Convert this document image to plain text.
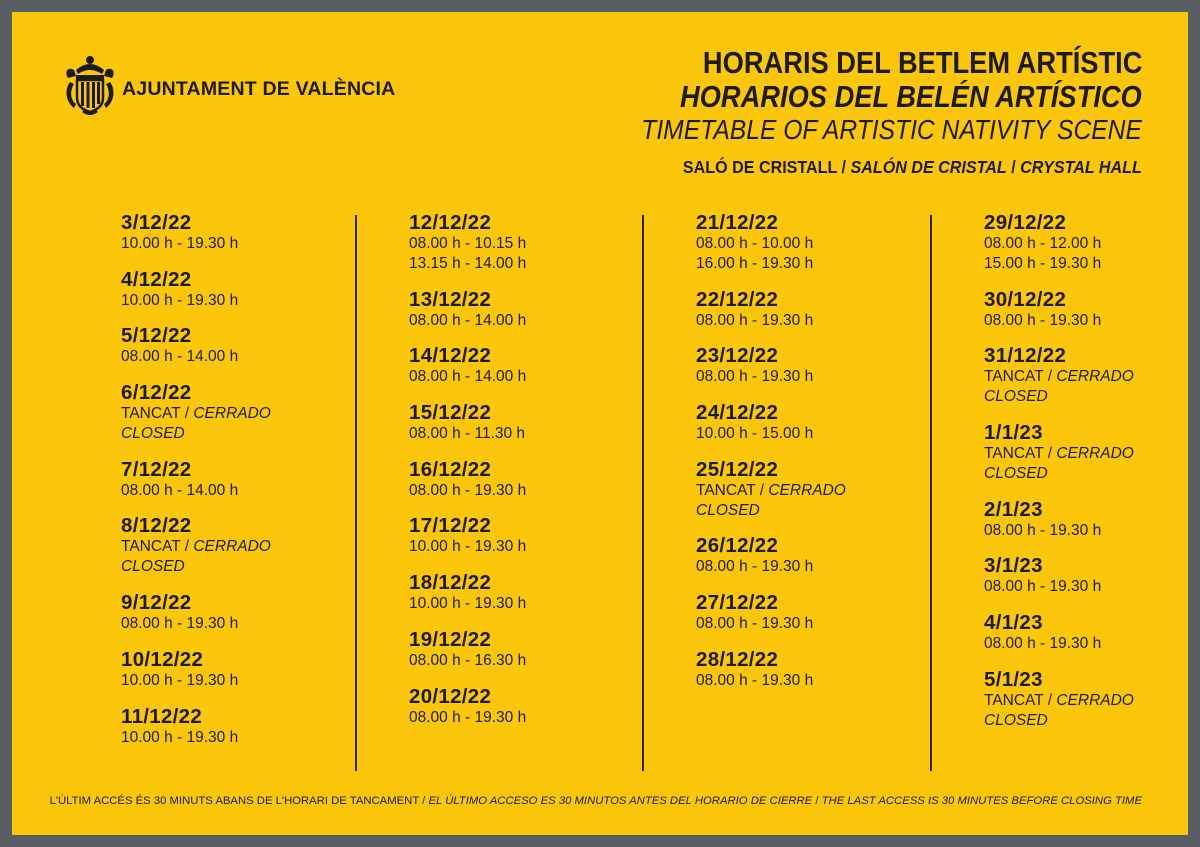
AJUNTAMENT DE VALÈNCIA
HORARIS DEL BETLEM ARTÍSTIC
HORARIOS DEL BELÉN ARTÍSTICO
TIMETABLE OF ARTISTIC NATIVITY SCENE
SALÓ DE CRISTALL / SALÓN DE CRISTAL / CRYSTAL HALL
3/12/22
10.00 h - 19.30 h
4/12/22
10.00 h - 19.30 h
5/12/22
08.00 h - 14.00 h
6/12/22
TANCAT / CERRADO
CLOSED
7/12/22
08.00 h - 14.00 h
8/12/22
TANCAT / CERRADO
CLOSED
9/12/22
08.00 h - 19.30 h
10/12/22
10.00 h - 19.30 h
11/12/22
10.00 h - 19.30 h
12/12/22
08.00 h - 10.15 h
13.15 h - 14.00 h
13/12/22
08.00 h - 14.00 h
14/12/22
08.00 h - 14.00 h
15/12/22
08.00 h - 11.30 h
16/12/22
08.00 h - 19.30 h
17/12/22
10.00 h - 19.30 h
18/12/22
10.00 h - 19.30 h
19/12/22
08.00 h - 16.30 h
20/12/22
08.00 h - 19.30 h
21/12/22
08.00 h - 10.00 h
16.00 h - 19.30 h
22/12/22
08.00 h - 19.30 h
23/12/22
08.00 h - 19.30 h
24/12/22
10.00 h - 15.00 h
25/12/22
TANCAT / CERRADO
CLOSED
26/12/22
08.00 h - 19.30 h
27/12/22
08.00 h - 19.30 h
28/12/22
08.00 h - 19.30 h
29/12/22
08.00 h - 12.00 h
15.00 h - 19.30 h
30/12/22
08.00 h - 19.30 h
31/12/22
TANCAT / CERRADO
CLOSED
1/1/23
TANCAT / CERRADO
CLOSED
2/1/23
08.00 h - 19.30 h
3/1/23
08.00 h - 19.30 h
4/1/23
08.00 h - 19.30 h
5/1/23
TANCAT / CERRADO
CLOSED
L'ÚLTIM ACCÉS ÉS 30 MINUTS ABANS DE L'HORARI DE TANCAMENT / EL ÚLTIMO ACCESO ES 30 MINUTOS ANTES DEL HORARIO DE CIERRE / THE LAST ACCESS IS 30 MINUTES BEFORE CLOSING TIME
